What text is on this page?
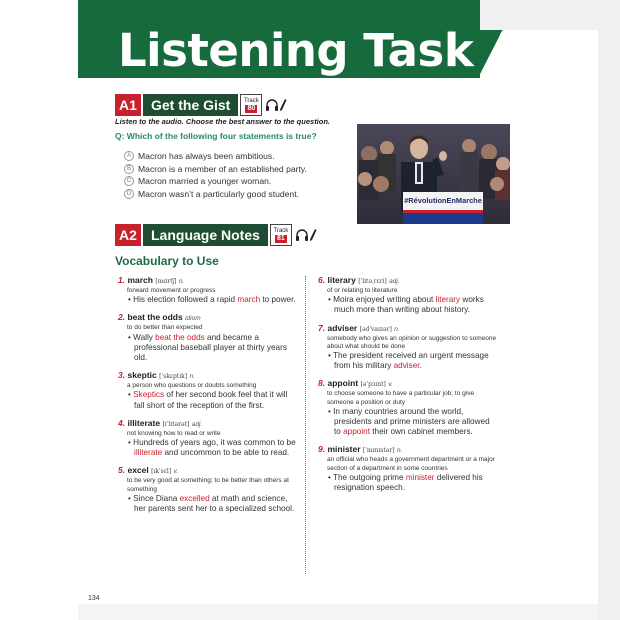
Listening Task A
A1	Get the Gist	Track
80
Listen to the audio. Choose the best answer to the question.
Q: Which of the following four statements is true?
A Macron has always been ambitious.
B Macron is a member of an established party.
C Macron married a younger woman.
D Macron wasn’t a particularly good student.
#RévolutionEnMarche
A2	Language Notes	Track
81
Vocabulary to Use
1. march [mɑrtʃ] n.
forward movement or progress
• His election followed a rapid march to power.
2. beat the odds idiom
to do better than expected
• Wally beat the odds and became a professional baseball player at thirty years old.
3. skeptic [ˈskɛptɪk] n.
a person who questions or doubts something
• Skeptics of her second book feel that it will fall short of the reception of the first.
4. illiterate [ɪˈlɪtərət] adj.
not knowing how to read or write
• Hundreds of years ago, it was common to be illiterate and uncommon to be able to read.
5. excel [ɪkˈsɛl] v.
to be very good at something; to be better than others at something
• Since Diana excelled at math and science, her parents sent her to a specialized school.
6. literary [ˈlɪtəˌrɛri] adj.
of or relating to literature
• Moira enjoyed writing about literary works much more than writing about history.
7. adviser [ədˈvaɪzər] n.
somebody who gives an opinion or suggestion to someone about what should be done
• The president received an urgent message from his military adviser.
8. appoint [əˈpɔɪnt] v.
to choose someone to have a particular job; to give someone a position or duty
• In many countries around the world, presidents and prime ministers are allowed to appoint their own cabinet members.
9. minister [ˈmɪnɪstər] n.
an official who heads a government department or a major section of a department in some countries
• The outgoing prime minister delivered his resignation speech.
134
